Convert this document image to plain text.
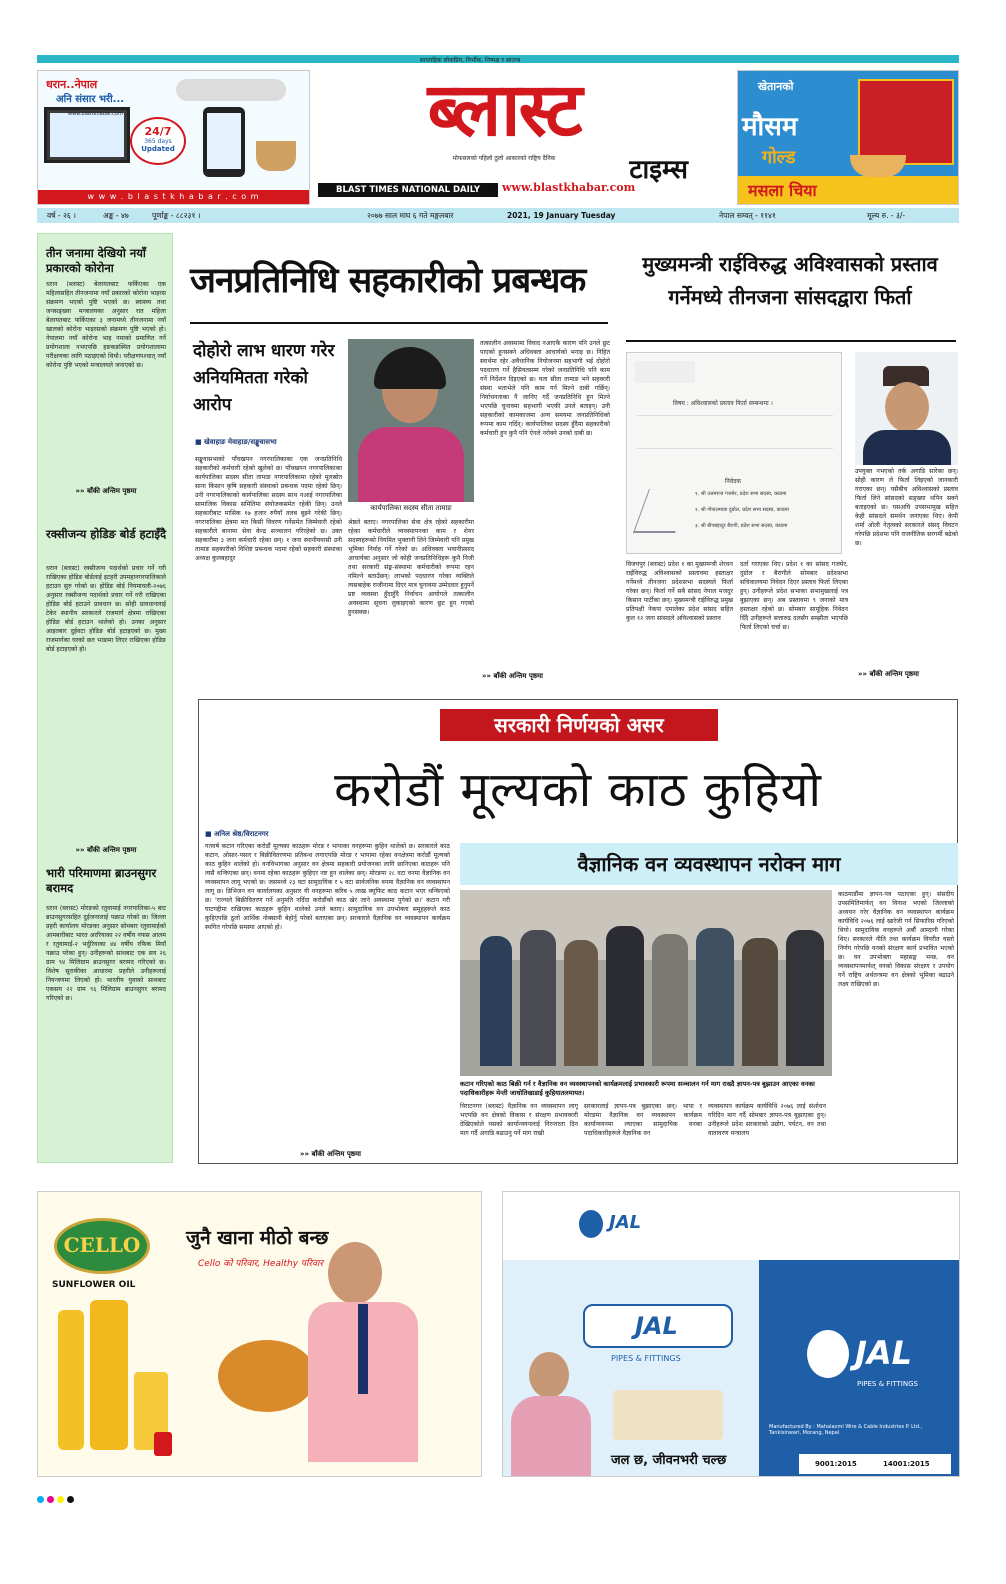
साप्ताहिक लोकप्रिय, निर्भीक, निष्पक्ष र स्वतन्त्र
धरान..नेपाल
अनि संसार भरी...
www.blastkhabar.com
24/7
365 days
Updated
w w w . b l a s t k h a b a r . c o m
ब्लास्ट
टाइम्स
मोफसलको पहिलो ठूलो आकारको राष्ट्रिय दैनिक
BLAST TIMES NATIONAL DAILY	www.blastkhabar.com
खेतानको
मौसम
गोल्ड
मसला चिया
वर्ष - २६ ।	अङ्क - ४७	पूर्णाङ्क - ८८२३१ ।	२०७७ साल माघ ६ गते मङ्गलबार	2021, 19 January Tuesday	नेपाल सम्वत् - ११४१	मूल्य रु. - ३/-
तीन जनामा देखियो नयाँ प्रकारको कोरोना
धरान (ब्लास्ट) बेलायतबाट फर्किएका एक महिलासहित तीनजनामा नयाँ प्रकारको कोरोना भाइरस संक्रमण भएको पुष्टि भएको छ। स्वास्थ्य तथा जनसङ्ख्या मन्त्रालयका अनुसार रात महिला बेलायतबाट फर्किएका ३ जनामध्ये तीनजनामा नयाँ खालको कोरोना भाइरसको संक्रमण पुष्टि भएको हो। नेपालमा नयाँ कोरोना भाइ नमाको प्रमाणित गर्ने प्रयोगशाला नभएपछि हङकङस्थित प्रयोगशालामा परीक्षणका लागि पठाइएको थियो। परीक्षणपश्चात् नयाँ कोरोना पुष्टि भएको मन्त्रालयले जनाएको छ।
»» बाँकी अन्तिम पृष्ठमा
रक्सीजन्य होडिङ बोर्ड हटाइँदै
धरान (ब्लास्ट) रक्सीजन्य पदार्थको प्रचार गर्ने गरी राखिएका होडिङ बोर्डलाई इटहरी उपमहानगरपालिकाले हटाउन सुरु गरेको छ। होडिङ बोर्ड नियमावली-२०७६ अनुसार रक्सीजन्य पदार्थको प्रचार गर्ने गरी राखिएका होडिङ बोर्ड हटाउने प्रावधान छ। सोही प्रावधानलाई टेकेर स्थानीय सरकारले राजमार्ग क्षेत्रमा राखिएका होडिङ बोर्ड हटाउन थालेको हो। उनका अनुसार आइतबार दुईवटा होडिङ बोर्ड हटाइएको छ। मुख्य राजमार्गका घरको छत भाडामा लिएर राखिएका होडिङ बोर्ड हटाइएको हो।
»» बाँकी अन्तिम पृष्ठमा
भारी परिमाणमा ब्राउनसुगर बरामद
धरान (ब्लास्ट) मोरङको रतुवामाई नगरपालिका-५ बाट ब्राउनसुगरसहित दुईजनालाई पक्राउ गरेको छ। जिल्ला प्रहरी कार्यालय मोरङका अनुसार सोमबार रतुवामाईको आमबारीबाट भारत अररियाका २२ वर्षीय नफस आलम र रतुवामाई-२ भर्दुरियाका ४४ वर्षीय रफिक मियाँ पक्राउ परेका हुन्। उनीहरूको साथबाट एक सय २६ ग्राम ९४ मिलिग्राम ब्राउनसुगर बरामद गरिएको छ। विशेष सूराकीका आधारमा प्रहरीले उनीहरूलाई नियन्त्रणमा लिएको हो। भारतीय युवाको साथबाट एकसय २२ ग्राम ९६ मिलिग्राम ब्राउनसुगर बरामद गरिएको छ।
जनप्रतिनिधि सहकारीको प्रबन्धक
दोहोरो लाभ धारण गरेर अनियमितता गरेको आरोप
■ खेवाहाङ मेवाहाङ/सङ्खुवासभा
कार्यपालिका सदस्य सीता तामाङ
सङ्खुवासभाको पाँचखपन नगरपालिकाका एक जनप्रतिनिधि सहकारीको कर्मचारी रहेको खुलेको छ। पाँचखपन नगरपालिकाका कार्यपालिका सदस्य सीता तामाङ नगरपालिकामा रहेको मूलस्रोत साना किसान कृषि सहकारी संस्थाको प्रबन्धक पदमा रहेको छिन्। उनी नगरपालिकाको कार्यपालिका सदस्य साथ नआई नगरपालिका सामाजिक विकास समितिमा संयोजकसमेत रहेकी छिन्। उनले सहकारीबाट मासिक १७ हजार रुपैयाँ तलब बुझ्ने गरेकी छिन्। नगरपालिका क्षेत्रमा मत किसी विवरण गर्नेसमेत जिम्मेवारी रहेको सहकारीले बानामा सेवा केन्द्र सञ्चालन गरिरहेको छ। उक्त सहकारीमा ३ जना कर्मचारी रहेका छन्। १ जना स्थानीयवासी उनी तामाङ सहकारीको विशिष्ट प्रबन्धक पदमा रहेको सहकारी संस्थाका अध्यक्ष कुलबहादुर
श्रेष्ठले बताए। नगरपालिका सेवा क्षेत्र रहेको सहकारीमा रहेका कर्मचारीले व्यवस्थापनका काम र शेयर सदस्यहरूको नियमित भुक्तानी लिने जिम्मेवारी पनि प्रमुख भूमिका निर्वाह गर्ने गरेको छ। अधिवक्ता भवानीप्रसाद आचार्यका अनुसार जो कोही जनप्रतिनिधिहरू कुनै निजी तथा सरकारी संङ्घ-संस्थामा कर्मचारीको रूपमा रहन नमिल्ने बताउँछन्। लाभको पदधारण गरेका व्यक्तिले त्यसबाहेक राजीनामा दिएर मात्र चुनावमा उम्मेदवार हुनुपर्ने प्रष्ट व्यवस्था हुँदाहुँदै निर्वाचन आयोगले तत्कालीन अवस्थामा सूचना लुकाइएको कारण छुट हुन गएको हुनसक्छ।
तत्कालीन अवस्थामा विवाद नआएकै कारण पनि उनले छुट पाएको हुनसक्ने अधिवक्ता आचार्यको भनाइ छ। निहित स्वार्थमा रहेर अवैधानिक नियोजनमा सहभागी भई दोहोरो पदधारण गर्ने हैसियतसम्म गरेको जनप्रतिनिधि पनि काम गर्ने निर्देशन दिइएको छ। यता सीता तामाङ भने सहकारी संस्था भताभेले पनि काम गर्न मिल्ने दाबी गर्छिन्। निर्वाचनताका नै जानिए गर्दै जनप्रतिनिधि हुन मिल्ने भएपछि चुनावमा सहभागी भएकी उनले बताइन्। उनी सहकारीको कामकाजमा अन्य समयमा जनप्रतिनिधिको रूपमा काम गर्दिन्। कार्यपालिका सदस्य हुँदैमा सहकारीको कर्मचारी हुन कुनै पनि ऐनले नरोक्ने उनको दाबी छ।
मुख्यमन्त्री राईविरुद्ध अविश्वासको प्रस्ताव गर्नेमध्ये तीनजना सांसदद्वारा फिर्ता
विषय : अविश्वासको प्रस्ताव फिर्ता सम्बन्धमा ।
निवेदक
१. श्री उत्तमराज गजमेर, प्रदेश सभा सदस्य, काठमा
२. श्री गोपालमाया दुग्रोल, प्रदेश सभा सदस्य, काठमा
३. श्री बीपबहादुर बैरागी, प्रदेश सभा सदस्य, काठमा
विजयपुर (ब्लास्ट) प्रदेश १ का मुख्यमन्त्री शेरधन राईविरुद्ध अविश्वासको प्रस्तावमा हस्ताक्षर गर्नेमध्ये तीनजना प्रदेशसभा सदस्यले फिर्ता गरेका छन्। फिर्ता गर्ने सबै सांसद नेपाल मजदुर किसान पार्टीका छन्। मुख्यमन्त्री राईविरुद्ध प्रमुख प्रतिपक्षी नेकपा एमालेका प्रदेश सांसद सहित कुल १२ जना सांसदले अविश्वासको प्रस्ताव
दर्ता गराएका थिए। प्रदेश १ का सांसद गजमेर, दुग्रोल र बैरागीले सोमबार प्रदेशसभा सचिवालयमा निवेदन दिएर प्रस्ताव फिर्ता लिएका हुन्। उनीहरूले प्रदेश सभाका सभामुखलाई पत्र बुझाएका छन्। अब प्रस्तावमा ९ जनाको मात्र हस्ताक्षर रहेको छ। सोमबार सामूहिक निवेदन दिँदै उनीहरूले सत्तारुढ दलसँग सम्झौता भएपछि फिर्ता लिएको चर्चा छ।
उपयुक्त नभएको तर्क अगाडि सारेका छन्। सोही कारण ले फिर्ता लिइएको जानकारी गराएका छन्। यसैबीच अविश्वासको प्रस्ताव फिर्ता लिने सांसदको सङ्ख्या थपिन सक्ने बताइएको छ। यसअघि उपसभामुख सहित केही सांसदले समर्थन जनाएका थिए। केपी शर्मा ओली नेतृत्वको सरकारले संसद् विघटन गरेपछि प्रदेशमा पनि राजनीतिक सरगर्मी बढेको छ।
»» बाँकी अन्तिम पृष्ठमा
»» बाँकी अन्तिम पृष्ठमा
सरकारी निर्णयको असर
करोडौं मूल्यको काठ कुहियो
■ अनिल श्रेष्ठ/विराटनगर
गतवर्ष कटान गरिएका करोडौं मूल्यका काठहरू मोरङ र भापाका वनहरूमा कुहिन थालेको छ। सरकारले काठ कटान, ओसार-पसार र बिक्रीवितरणमा प्रतिबन्ध लगाएपछि मोरङ र भापामा रहेका वनक्षेत्रमा करोडौं मूल्यको काठ कुहिन थालेको हो। वनविभागका अनुसार वन क्षेत्रमा सहकारी प्रयोजनका लागि छानिएका काठहरू पनि त्यसै थन्किएका छन्। वनमा रहेका काठहरू कुहिएर नष्ट हुन थालेका छन्। मोरङमा २८ वटा वनमा वैज्ञानिक वन व्यवस्थापन लागू भएको छ। जसमध्ये २३ वटा सामुदायिक र ५ वटा सार्वजनिक वनमा वैज्ञानिक वन व्यवस्थापन लागू छ। डिभिजन वन कार्यालयका अनुसार यी वनहरूमा करिब ५ लाख क्यूफिट काठ कटान भएर थन्किएको छ। 'राज्यले बिक्रीवितरण गर्ने अनुमति नदिँदा करोडौंको काठ खेर जाने अवस्थामा पुगेको छ।' कटान गरी घाटगद्दीमा राखिएका काठहरू कुहिन थालेको उनले बताए। सामुदायिक वन उपभोक्ता समूहहरूले काठ कुहिएपछि ठूलो आर्थिक नोक्सानी बेहोर्नु परेको बताएका छन्। सरकारले वैज्ञानिक वन व्यवस्थापन कार्यक्रम स्थगित गरेपछि समस्या आएको हो।
»» बाँकी अन्तिम पृष्ठमा
वैज्ञानिक वन व्यवस्थापन नरोक्न माग
कटान गरिएको काठ बिक्री गर्न र वैज्ञानिक वन व्यवस्थापनको कार्यक्रमलाई प्रभावकारी रूपमा सञ्चालन गर्न माग राख्दै ज्ञापन-पत्र बुझाउन आएका वनका पदाधिकारीहरू मेन्ती जाधोतिखाडाई कुहियातलमायत।
विराटनगर (ब्लास्ट) वैज्ञानिक वन व्यवस्थापन लागू भएपछि वन क्षेत्रको विकास र संरक्षण प्रभावकारी देखिएकोले यसको कार्यान्वयनलाई निरन्तरता दिन माग गर्दै अगाडि बढाउनु पर्ने माग राखी
सरकारलाई ज्ञापन-पत्र बुझाएका छन्। भापा र मोरङमा वैज्ञानिक वन व्यवस्थापन कार्यक्रम कार्यान्वयनमा ल्याएका सामुदायिक वनका पदाधिकारीहरूले वैज्ञानिक वन
व्यवस्थापन कार्यक्रम कार्यविधि २०७६ लाई संशोधन गरिदिन माग गर्दै सोमबार ज्ञापन-पत्र बुझाएका हुन्। उनीहरूले प्रदेश सरकारको उद्योग, पर्यटन, वन तथा वातावरण मन्त्रालय
काठमाडौंमा ज्ञापन-पत्र पठाएका हुन्। संसदीय उपसमितिमार्फत् वन विनाश भएको जिल्लाको अध्ययन गरेर वैज्ञानिक वन व्यवस्थापन कार्यक्रम कार्यविधि २०७६ लाई खारेजी गर्न सिफारिस गरिएको थियो। सामुदायिक वनहरूले अर्बौं आम्दानी गरेका थिए। सरकारले नीति तथा कार्यक्रम विपरीत यस्तो निर्णय गरेपछि वनको संरक्षण कार्य प्रभावित भएको छ। वन उपभोक्ता महासङ्घ भन्छ, वन व्यवस्थापनमार्फत् वनको विकास संरक्षण र उपयोग गर्ने राष्ट्रिय अर्थतन्त्रमा वन क्षेत्रको भूमिका बढाउने लक्ष्य राखिएको छ।
CELLO
SUNFLOWER OIL
जुनै खाना मीठो बन्छ
Cello को परिवार, Healthy परिवार
JAL
JAL
PIPES & FITTINGS
जल छ, जीवनभरी चल्छ
JAL
PIPES & FITTINGS
Manufactured By : Mahalaxmi Wire & Cable Industries P. Ltd., Tankisinwari, Morang, Nepal
9001:2015	14001:2015
